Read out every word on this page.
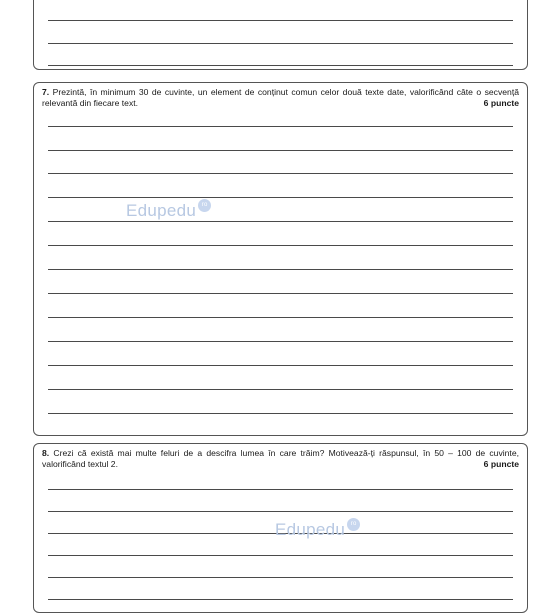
7. Prezintă, în minimum 30 de cuvinte, un element de conținut comun celor două texte date, valorificând câte o secvență relevantă din fiecare text.	6 puncte
Edupedu ro
8. Crezi că există mai multe feluri de a descifra lumea în care trăim? Motivează-ți răspunsul, în 50 – 100 de cuvinte, valorificând textul 2.	6 puncte
Edupedu ro
